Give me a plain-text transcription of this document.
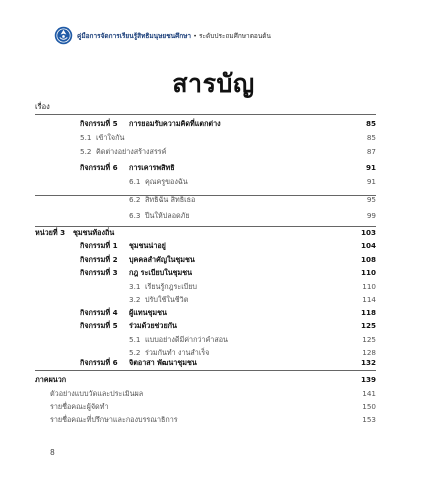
คู่มือการจัดการเรียนรู้สิทธิมนุษยชนศึกษา • ระดับประถมศึกษาตอนต้น
สารบัญ
เรื่อง
กิจกรรมที่ 5 การยอมรับความคิดที่แตกต่าง	85
5.1 เข้าใจกัน	85
5.2 คิดต่างอย่างสร้างสรรค์	87
กิจกรรมที่ 6 การเคารพสิทธิ	91
6.1 คุณครูของฉัน	91
6.2 สิทธิฉัน สิทธิเธอ	95
6.3 ปีนให้ปลอดภัย	99
หน่วยที่ 3 ชุมชนท้องถิ่น	103
กิจกรรมที่ 1 ชุมชนน่าอยู่	104
กิจกรรมที่ 2 บุคคลสำคัญในชุมชน	108
กิจกรรมที่ 3 กฎ ระเบียบในชุมชน	110
3.1 เรียนรู้กฎระเบียบ	110
3.2 ปรับใช้ในชีวิต	114
กิจกรรมที่ 4 ผู้แทนชุมชน	118
กิจกรรมที่ 5 ร่วมด้วยช่วยกัน	125
5.1 แบบอย่างดีมีค่ากว่าคำสอน	125
5.2 ร่วมกันทำ งานสำเร็จ	128
กิจกรรมที่ 6 จิตอาสา พัฒนาชุมชน	132
ภาคผนวก	139
ตัวอย่างแบบวัดและประเมินผล	141
รายชื่อคณะผู้จัดทำ	150
รายชื่อคณะที่ปรึกษาและกองบรรณาธิการ	153
8
